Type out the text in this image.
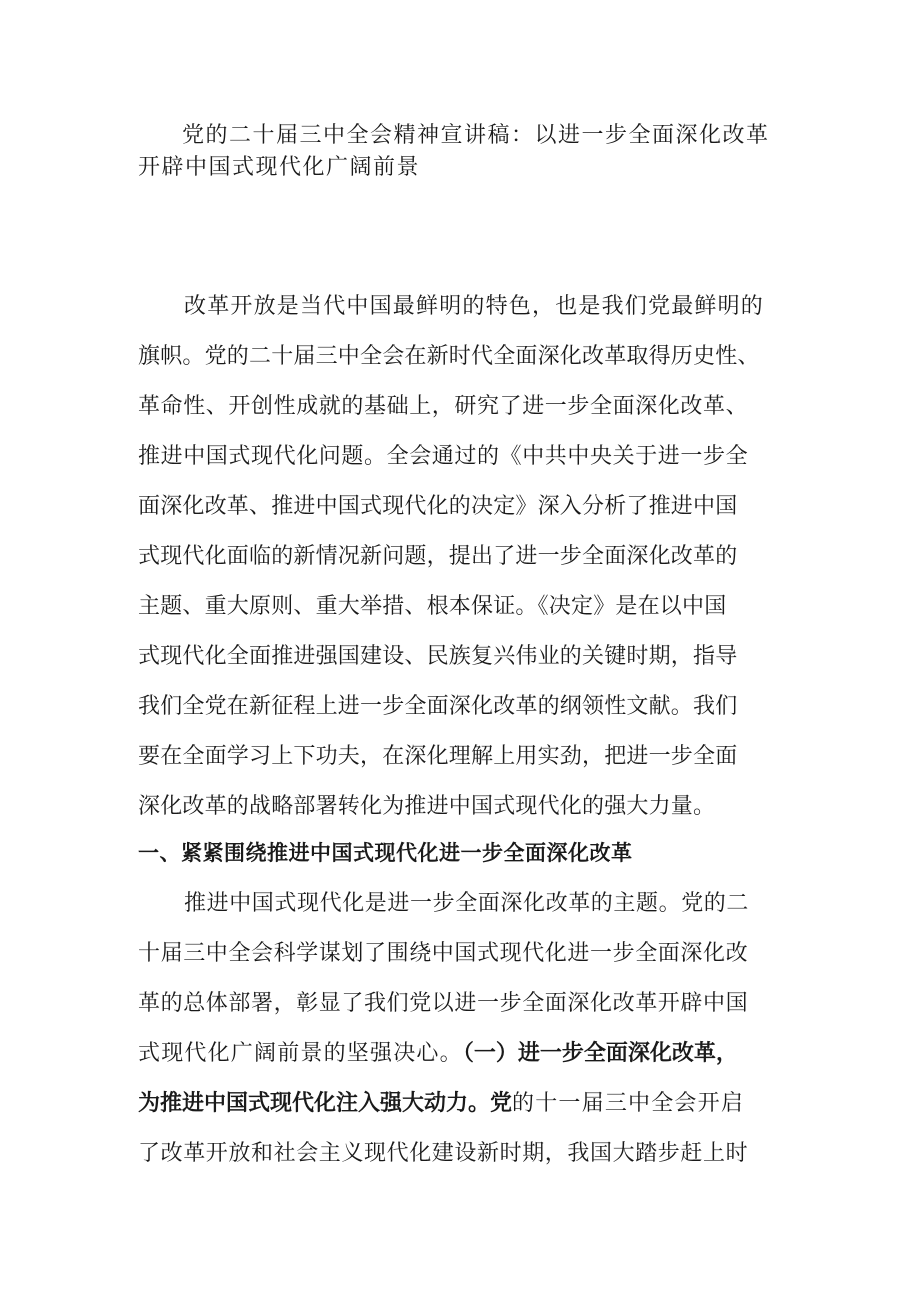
党的二十届三中全会精神宣讲稿：以进一步全面深化改革开辟中国式现代化广阔前景

改革开放是当代中国最鲜明的特色，也是我们党最鲜明的

旗帜。党的二十届三中全会在新时代全面深化改革取得历史性、

革命性、开创性成就的基础上，研究了进一步全面深化改革、

推进中国式现代化问题。全会通过的《中共中央关于进一步全

面深化改革、推进中国式现代化的决定》深入分析了推进中国

式现代化面临的新情况新问题，提出了进一步全面深化改革的

主题、重大原则、重大举措、根本保证。《决定》是在以中国

式现代化全面推进强国建设、民族复兴伟业的关键时期，指导

我们全党在新征程上进一步全面深化改革的纲领性文献。我们

要在全面学习上下功夫，在深化理解上用实劲，把进一步全面

深化改革的战略部署转化为推进中国式现代化的强大力量。

一、紧紧围绕推进中国式现代化进一步全面深化改革

推进中国式现代化是进一步全面深化改革的主题。党的二

十届三中全会科学谋划了围绕中国式现代化进一步全面深化改

革的总体部署，彰显了我们党以进一步全面深化改革开辟中国

式现代化广阔前景的坚强决心。（一）进一步全面深化改革，

为推进中国式现代化注入强大动力。党的十一届三中全会开启

了改革开放和社会主义现代化建设新时期，我国大踏步赶上时
